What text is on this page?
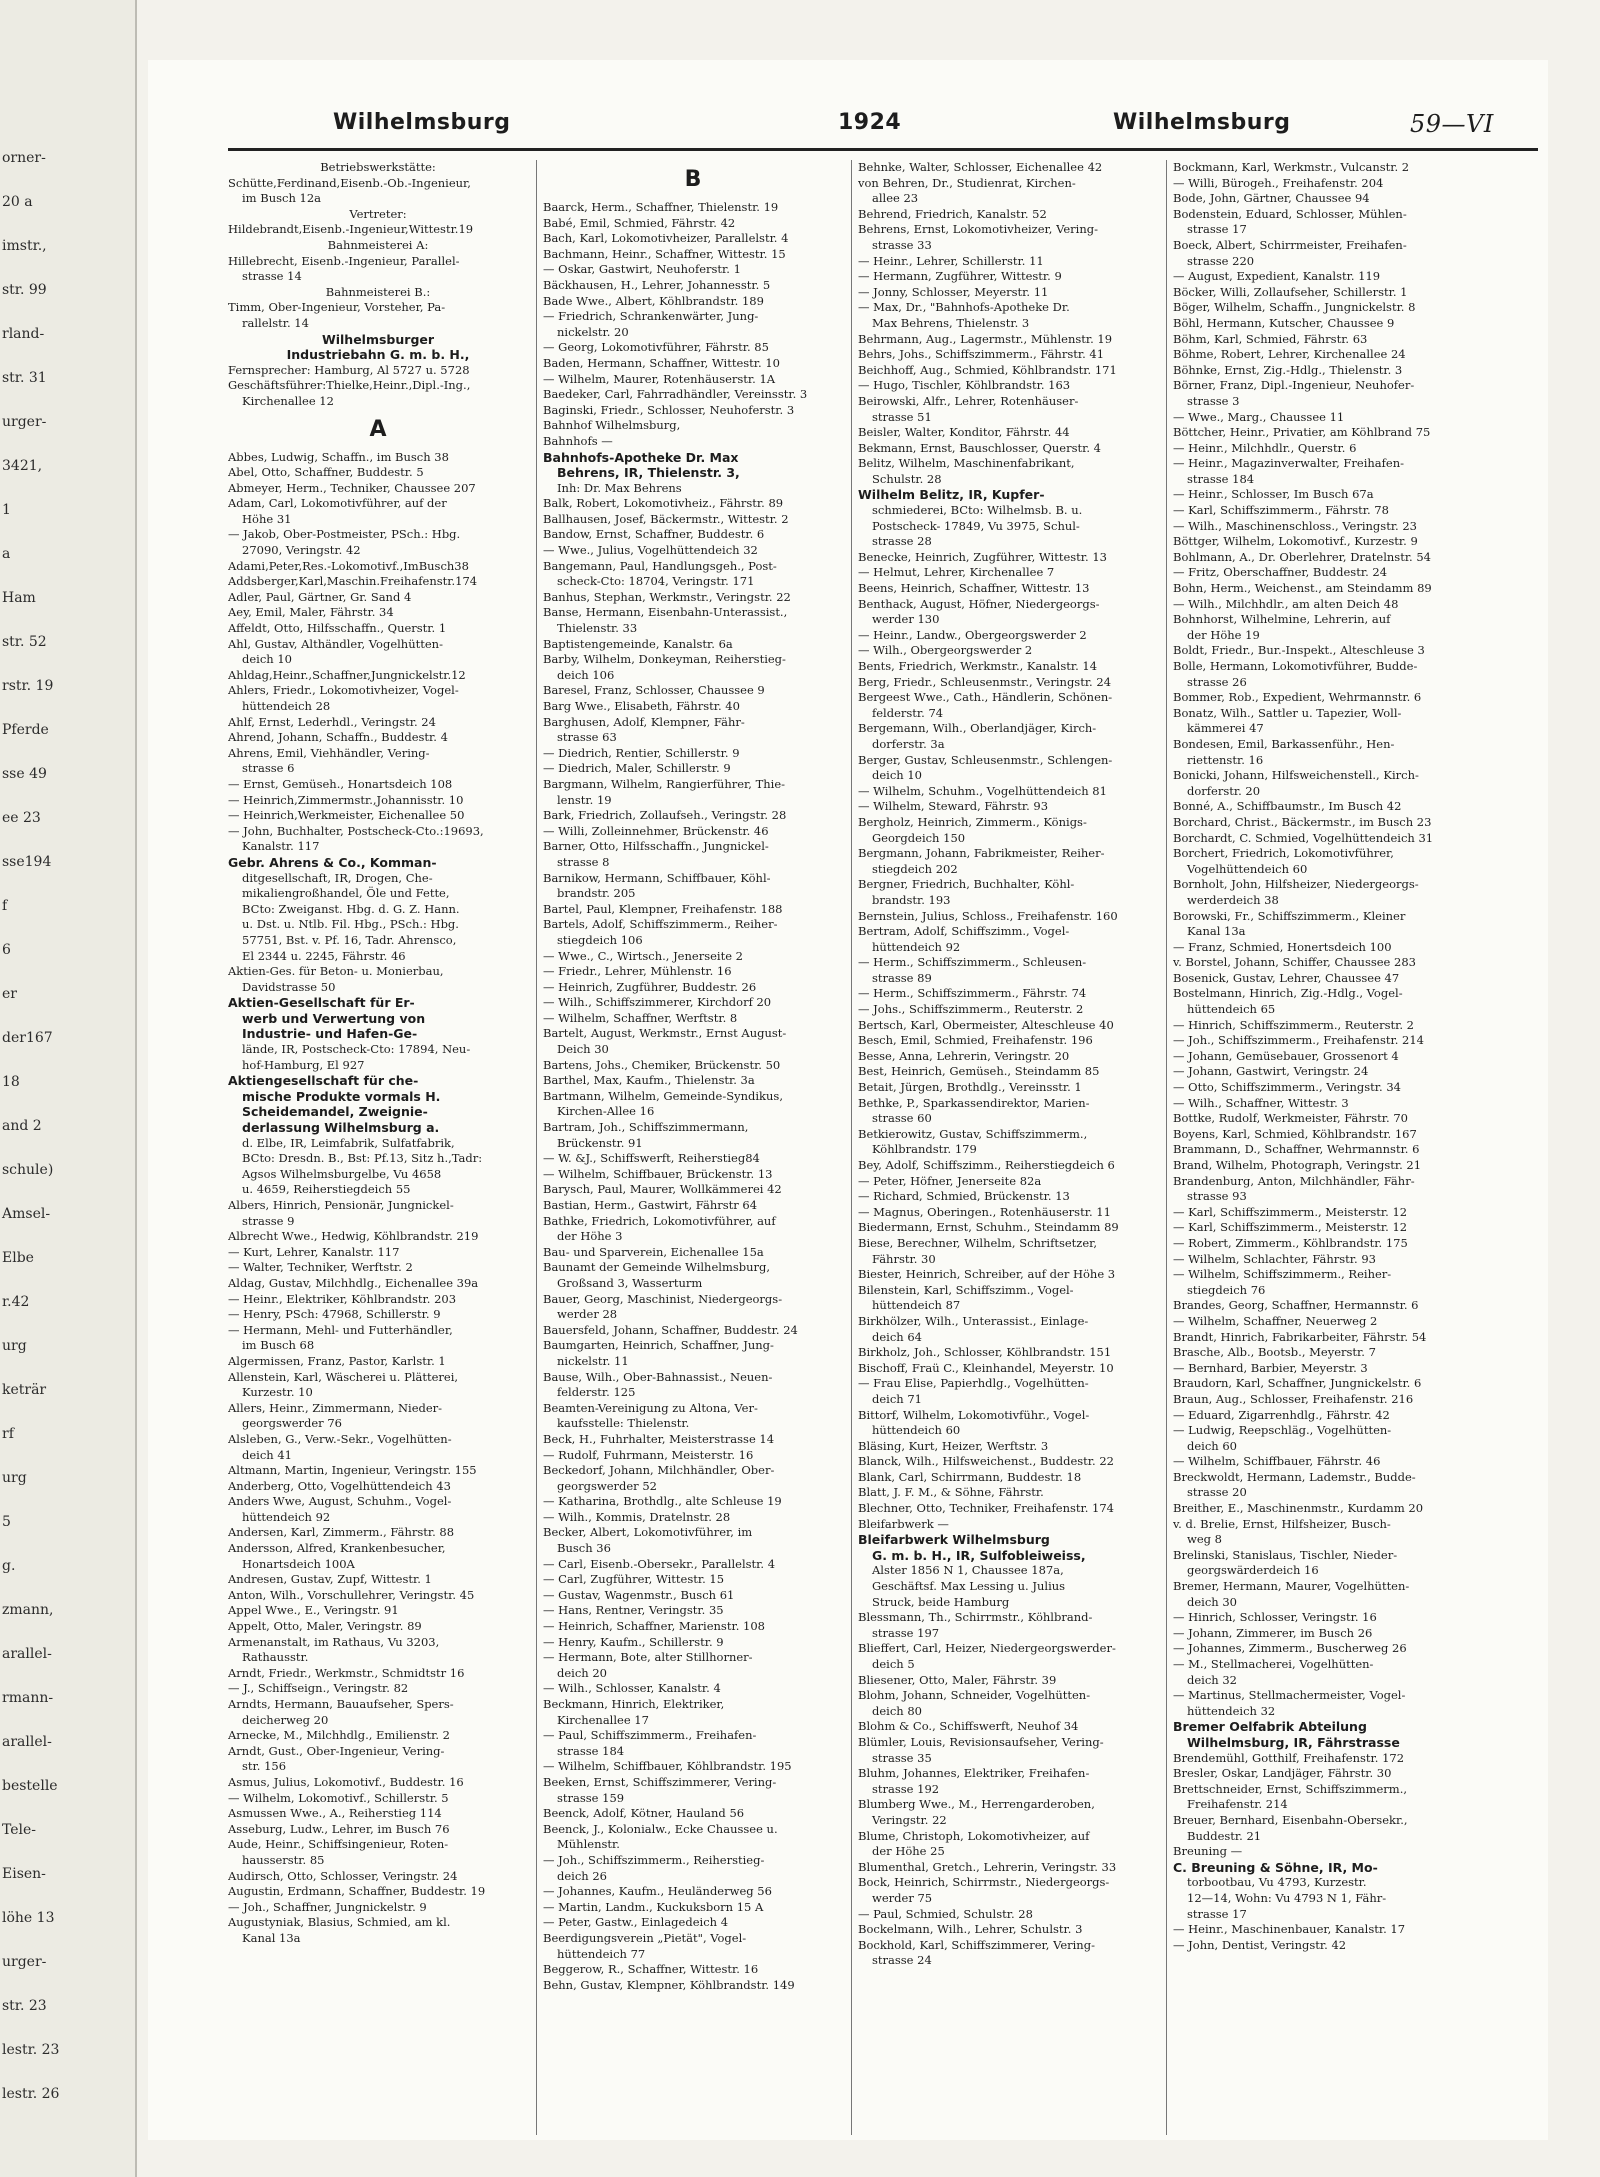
orner-
20 a
imstr.,
str. 99
rland-
str. 31
urger-
3421,
1
a
Ham
str. 52
rstr. 19
Pferde
sse 49
ee 23
sse194
f
6
er
der167
18
and 2
schule)
Amsel-
Elbe
r.42
urg
keträr
rf
urg
5
g.
zmann,
arallel-
rmann-
arallel-
bestelle
Tele-
Eisen-
löhe 13
urger-
str. 23
lestr. 23
lestr. 26
Wilhelmsburg	1924	Wilhelmsburg	59—VI
Betriebswerkstätte:
Schütte,Ferdinand,Eisenb.-Ob.-Ingenieur,
im Busch 12a
Vertreter:
Hildebrandt,Eisenb.-Ingenieur,Wittestr.19
Bahnmeisterei A:
Hillebrecht, Eisenb.-Ingenieur, Parallel-
strasse 14
Bahnmeisterei B.:
Timm, Ober-Ingenieur, Vorsteher, Pa-
rallelstr. 14
Wilhelmsburger
Industriebahn G. m. b. H.,
Fernsprecher: Hamburg, Al 5727 u. 5728
Geschäftsführer:Thielke,Heinr.,Dipl.-Ing.,
Kirchenallee 12
A
Abbes, Ludwig, Schaffn., im Busch 38
Abel, Otto, Schaffner, Buddestr. 5
Abmeyer, Herm., Techniker, Chaussee 207
Adam, Carl, Lokomotivführer, auf der
Höhe 31
— Jakob, Ober-Postmeister, PSch.: Hbg.
27090, Veringstr. 42
Adami,Peter,Res.-Lokomotivf.,ImBusch38
Addsberger,Karl,Maschin.Freihafenstr.174
Adler, Paul, Gärtner, Gr. Sand 4
Aey, Emil, Maler, Fährstr. 34
Affeldt, Otto, Hilfsschaffn., Querstr. 1
Ahl, Gustav, Althändler, Vogelhütten-
deich 10
Ahldag,Heinr.,Schaffner,Jungnickelstr.12
Ahlers, Friedr., Lokomotivheizer, Vogel-
hüttendeich 28
Ahlf, Ernst, Lederhdl., Veringstr. 24
Ahrend, Johann, Schaffn., Buddestr. 4
Ahrens, Emil, Viehhändler, Vering-
strasse 6
— Ernst, Gemüseh., Honartsdeich 108
— Heinrich,Zimmermstr.,Johannisstr. 10
— Heinrich,Werkmeister, Eichenallee 50
— John, Buchhalter, Postscheck-Cto.:19693,
Kanalstr. 117
Gebr. Ahrens & Co., Komman-
ditgesellschaft, IR, Drogen, Che-
mikaliengroßhandel, Öle und Fette,
BCto: Zweiganst. Hbg. d. G. Z. Hann.
u. Dst. u. Ntlb. Fil. Hbg., PSch.: Hbg.
57751, Bst. v. Pf. 16, Tadr. Ahrensco,
El 2344 u. 2245, Fährstr. 46
Aktien-Ges. für Beton- u. Monierbau,
Davidstrasse 50
Aktien-Gesellschaft für Er-
werb und Verwertung von
Industrie- und Hafen-Ge-
lände, IR, Postscheck-Cto: 17894, Neu-
hof-Hamburg, El 927
Aktiengesellschaft für che-
mische Produkte vormals H.
Scheidemandel, Zweignie-
derlassung Wilhelmsburg a.
d. Elbe, IR, Leimfabrik, Sulfatfabrik,
BCto: Dresdn. B., Bst: Pf.13, Sitz h.,Tadr:
Agsos Wilhelmsburgelbe, Vu 4658
u. 4659, Reiherstiegdeich 55
Albers, Hinrich, Pensionär, Jungnickel-
strasse 9
Albrecht Wwe., Hedwig, Köhlbrandstr. 219
— Kurt, Lehrer, Kanalstr. 117
— Walter, Techniker, Werftstr. 2
Aldag, Gustav, Milchhdlg., Eichenallee 39a
— Heinr., Elektriker, Köhlbrandstr. 203
— Henry, PSch: 47968, Schillerstr. 9
— Hermann, Mehl- und Futterhändler,
im Busch 68
Algermissen, Franz, Pastor, Karlstr. 1
Allenstein, Karl, Wäscherei u. Plätterei,
Kurzestr. 10
Allers, Heinr., Zimmermann, Nieder-
georgswerder 76
Alsleben, G., Verw.-Sekr., Vogelhütten-
deich 41
Altmann, Martin, Ingenieur, Veringstr. 155
Anderberg, Otto, Vogelhüttendeich 43
Anders Wwe, August, Schuhm., Vogel-
hüttendeich 92
Andersen, Karl, Zimmerm., Fährstr. 88
Andersson, Alfred, Krankenbesucher,
Honartsdeich 100A
Andresen, Gustav, Zupf, Wittestr. 1
Anton, Wilh., Vorschullehrer, Veringstr. 45
Appel Wwe., E., Veringstr. 91
Appelt, Otto, Maler, Veringstr. 89
Armenanstalt, im Rathaus, Vu 3203,
Rathausstr.
Arndt, Friedr., Werkmstr., Schmidtstr 16
— J., Schiffseign., Veringstr. 82
Arndts, Hermann, Bauaufseher, Spers-
deicherweg 20
Arnecke, M., Milchhdlg., Emilienstr. 2
Arndt, Gust., Ober-Ingenieur, Vering-
str. 156
Asmus, Julius, Lokomotivf., Buddestr. 16
— Wilhelm, Lokomotivf., Schillerstr. 5
Asmussen Wwe., A., Reiherstieg 114
Asseburg, Ludw., Lehrer, im Busch 76
Aude, Heinr., Schiffsingenieur, Roten-
hausserstr. 85
Audirsch, Otto, Schlosser, Veringstr. 24
Augustin, Erdmann, Schaffner, Buddestr. 19
— Joh., Schaffner, Jungnickelstr. 9
Augustyniak, Blasius, Schmied, am kl.
Kanal 13a
B
Baarck, Herm., Schaffner, Thielenstr. 19
Babé, Emil, Schmied, Fährstr. 42
Bach, Karl, Lokomotivheizer, Parallelstr. 4
Bachmann, Heinr., Schaffner, Wittestr. 15
— Oskar, Gastwirt, Neuhoferstr. 1
Bäckhausen, H., Lehrer, Johannesstr. 5
Bade Wwe., Albert, Köhlbrandstr. 189
— Friedrich, Schrankenwärter, Jung-
nickelstr. 20
— Georg, Lokomotivführer, Fährstr. 85
Baden, Hermann, Schaffner, Wittestr. 10
— Wilhelm, Maurer, Rotenhäuserstr. 1A
Baedeker, Carl, Fahrradhändler, Vereinsstr. 3
Baginski, Friedr., Schlosser, Neuhoferstr. 3
Bahnhof Wilhelmsburg,
Bahnhofs —
Bahnhofs-Apotheke Dr. Max
Behrens, IR, Thielenstr. 3,
Inh: Dr. Max Behrens
Balk, Robert, Lokomotivheiz., Fährstr. 89
Ballhausen, Josef, Bäckermstr., Wittestr. 2
Bandow, Ernst, Schaffner, Buddestr. 6
— Wwe., Julius, Vogelhüttendeich 32
Bangemann, Paul, Handlungsgeh., Post-
scheck-Cto: 18704, Veringstr. 171
Banhus, Stephan, Werkmstr., Veringstr. 22
Banse, Hermann, Eisenbahn-Unterassist.,
Thielenstr. 33
Baptistengemeinde, Kanalstr. 6a
Barby, Wilhelm, Donkeyman, Reiherstieg-
deich 106
Baresel, Franz, Schlosser, Chaussee 9
Barg Wwe., Elisabeth, Fährstr. 40
Barghusen, Adolf, Klempner, Fähr-
strasse 63
— Diedrich, Rentier, Schillerstr. 9
— Diedrich, Maler, Schillerstr. 9
Bargmann, Wilhelm, Rangierführer, Thie-
lenstr. 19
Bark, Friedrich, Zollaufseh., Veringstr. 28
— Willi, Zolleinnehmer, Brückenstr. 46
Barner, Otto, Hilfsschaffn., Jungnickel-
strasse 8
Barnikow, Hermann, Schiffbauer, Köhl-
brandstr. 205
Bartel, Paul, Klempner, Freihafenstr. 188
Bartels, Adolf, Schiffszimmerm., Reiher-
stiegdeich 106
— Wwe., C., Wirtsch., Jenerseite 2
— Friedr., Lehrer, Mühlenstr. 16
— Heinrich, Zugführer, Buddestr. 26
— Wilh., Schiffszimmerer, Kirchdorf 20
— Wilhelm, Schaffner, Werftstr. 8
Bartelt, August, Werkmstr., Ernst August-
Deich 30
Bartens, Johs., Chemiker, Brückenstr. 50
Barthel, Max, Kaufm., Thielenstr. 3a
Bartmann, Wilhelm, Gemeinde-Syndikus,
Kirchen-Allee 16
Bartram, Joh., Schiffszimmermann,
Brückenstr. 91
— W. &J., Schiffswerft, Reiherstieg84
— Wilhelm, Schiffbauer, Brückenstr. 13
Barysch, Paul, Maurer, Wollkämmerei 42
Bastian, Herm., Gastwirt, Fährstr 64
Bathke, Friedrich, Lokomotivführer, auf
der Höhe 3
Bau- und Sparverein, Eichenallee 15a
Baunamt der Gemeinde Wilhelmsburg,
Großsand 3, Wasserturm
Bauer, Georg, Maschinist, Niedergeorgs-
werder 28
Bauersfeld, Johann, Schaffner, Buddestr. 24
Baumgarten, Heinrich, Schaffner, Jung-
nickelstr. 11
Bause, Wilh., Ober-Bahnassist., Neuen-
felderstr. 125
Beamten-Vereinigung zu Altona, Ver-
kaufsstelle: Thielenstr.
Beck, H., Fuhrhalter, Meisterstrasse 14
— Rudolf, Fuhrmann, Meisterstr. 16
Beckedorf, Johann, Milchhändler, Ober-
georgswerder 52
— Katharina, Brothdlg., alte Schleuse 19
— Wilh., Kommis, Dratelnstr. 28
Becker, Albert, Lokomotivführer, im
Busch 36
— Carl, Eisenb.-Obersekr., Parallelstr. 4
— Carl, Zugführer, Wittestr. 15
— Gustav, Wagenmstr., Busch 61
— Hans, Rentner, Veringstr. 35
— Heinrich, Schaffner, Marienstr. 108
— Henry, Kaufm., Schillerstr. 9
— Hermann, Bote, alter Stillhorner-
deich 20
— Wilh., Schlosser, Kanalstr. 4
Beckmann, Hinrich, Elektriker,
Kirchenallee 17
— Paul, Schiffszimmerm., Freihafen-
strasse 184
— Wilhelm, Schiffbauer, Köhlbrandstr. 195
Beeken, Ernst, Schiffszimmerer, Vering-
strasse 159
Beenck, Adolf, Kötner, Hauland 56
Beenck, J., Kolonialw., Ecke Chaussee u.
Mühlenstr.
— Joh., Schiffszimmerm., Reiherstieg-
deich 26
— Johannes, Kaufm., Heuländerweg 56
— Martin, Landm., Kuckuksborn 15 A
— Peter, Gastw., Einlagedeich 4
Beerdigungsverein „Pietät", Vogel-
hüttendeich 77
Beggerow, R., Schaffner, Wittestr. 16
Behn, Gustav, Klempner, Köhlbrandstr. 149
Behnke, Walter, Schlosser, Eichenallee 42
von Behren, Dr., Studienrat, Kirchen-
allee 23
Behrend, Friedrich, Kanalstr. 52
Behrens, Ernst, Lokomotivheizer, Vering-
strasse 33
— Heinr., Lehrer, Schillerstr. 11
— Hermann, Zugführer, Wittestr. 9
— Jonny, Schlosser, Meyerstr. 11
— Max, Dr., "Bahnhofs-Apotheke Dr.
Max Behrens, Thielenstr. 3
Behrmann, Aug., Lagermstr., Mühlenstr. 19
Behrs, Johs., Schiffszimmerm., Fährstr. 41
Beichhoff, Aug., Schmied, Köhlbrandstr. 171
— Hugo, Tischler, Köhlbrandstr. 163
Beirowski, Alfr., Lehrer, Rotenhäuser-
strasse 51
Beisler, Walter, Konditor, Fährstr. 44
Bekmann, Ernst, Bauschlosser, Querstr. 4
Belitz, Wilhelm, Maschinenfabrikant,
Schulstr. 28
Wilhelm Belitz, IR, Kupfer-
schmiederei, BCto: Wilhelmsb. B. u.
Postscheck- 17849, Vu 3975, Schul-
strasse 28
Benecke, Heinrich, Zugführer, Wittestr. 13
— Helmut, Lehrer, Kirchenallee 7
Beens, Heinrich, Schaffner, Wittestr. 13
Benthack, August, Höfner, Niedergeorgs-
werder 130
— Heinr., Landw., Obergeorgswerder 2
— Wilh., Obergeorgswerder 2
Bents, Friedrich, Werkmstr., Kanalstr. 14
Berg, Friedr., Schleusenmstr., Veringstr. 24
Bergeest Wwe., Cath., Händlerin, Schönen-
felderstr. 74
Bergemann, Wilh., Oberlandjäger, Kirch-
dorferstr. 3a
Berger, Gustav, Schleusenmstr., Schlengen-
deich 10
— Wilhelm, Schuhm., Vogelhüttendeich 81
— Wilhelm, Steward, Fährstr. 93
Bergholz, Heinrich, Zimmerm., Königs-
Georgdeich 150
Bergmann, Johann, Fabrikmeister, Reiher-
stiegdeich 202
Bergner, Friedrich, Buchhalter, Köhl-
brandstr. 193
Bernstein, Julius, Schloss., Freihafenstr. 160
Bertram, Adolf, Schiffszimm., Vogel-
hüttendeich 92
— Herm., Schiffszimmerm., Schleusen-
strasse 89
— Herm., Schiffszimmerm., Fährstr. 74
— Johs., Schiffszimmerm., Reuterstr. 2
Bertsch, Karl, Obermeister, Alteschleuse 40
Besch, Emil, Schmied, Freihafenstr. 196
Besse, Anna, Lehrerin, Veringstr. 20
Best, Heinrich, Gemüseh., Steindamm 85
Betait, Jürgen, Brothdlg., Vereinsstr. 1
Bethke, P., Sparkassendirektor, Marien-
strasse 60
Betkierowitz, Gustav, Schiffszimmerm.,
Köhlbrandstr. 179
Bey, Adolf, Schiffszimm., Reiherstiegdeich 6
— Peter, Höfner, Jenerseite 82a
— Richard, Schmied, Brückenstr. 13
— Magnus, Oberingen., Rotenhäuserstr. 11
Biedermann, Ernst, Schuhm., Steindamm 89
Biese, Berechner, Wilhelm, Schriftsetzer,
Fährstr. 30
Biester, Heinrich, Schreiber, auf der Höhe 3
Bilenstein, Karl, Schiffszimm., Vogel-
hüttendeich 87
Birkhölzer, Wilh., Unterassist., Einlage-
deich 64
Birkholz, Joh., Schlosser, Köhlbrandstr. 151
Bischoff, Fraü C., Kleinhandel, Meyerstr. 10
— Frau Elise, Papierhdlg., Vogelhütten-
deich 71
Bittorf, Wilhelm, Lokomotivführ., Vogel-
hüttendeich 60
Bläsing, Kurt, Heizer, Werftstr. 3
Blanck, Wilh., Hilfsweichenst., Buddestr. 22
Blank, Carl, Schirrmann, Buddestr. 18
Blatt, J. F. M., & Söhne, Fährstr.
Blechner, Otto, Techniker, Freihafenstr. 174
Bleifarbwerk —
Bleifarbwerk Wilhelmsburg
G. m. b. H., IR, Sulfobleiweiss,
Alster 1856 N 1, Chaussee 187a,
Geschäftsf. Max Lessing u. Julius
Struck, beide Hamburg
Blessmann, Th., Schirrmstr., Köhlbrand-
strasse 197
Blieffert, Carl, Heizer, Niedergeorgswerder-
deich 5
Bliesener, Otto, Maler, Fährstr. 39
Blohm, Johann, Schneider, Vogelhütten-
deich 80
Blohm & Co., Schiffswerft, Neuhof 34
Blümler, Louis, Revisionsaufseher, Vering-
strasse 35
Bluhm, Johannes, Elektriker, Freihafen-
strasse 192
Blumberg Wwe., M., Herrengarderoben,
Veringstr. 22
Blume, Christoph, Lokomotivheizer, auf
der Höhe 25
Blumenthal, Gretch., Lehrerin, Veringstr. 33
Bock, Heinrich, Schirrmstr., Niedergeorgs-
werder 75
— Paul, Schmied, Schulstr. 28
Bockelmann, Wilh., Lehrer, Schulstr. 3
Bockhold, Karl, Schiffszimmerer, Vering-
strasse 24
Bockmann, Karl, Werkmstr., Vulcanstr. 2
— Willi, Bürogeh., Freihafenstr. 204
Bode, John, Gärtner, Chaussee 94
Bodenstein, Eduard, Schlosser, Mühlen-
strasse 17
Boeck, Albert, Schirrmeister, Freihafen-
strasse 220
— August, Expedient, Kanalstr. 119
Böcker, Willi, Zollaufseher, Schillerstr. 1
Böger, Wilhelm, Schaffn., Jungnickelstr. 8
Böhl, Hermann, Kutscher, Chaussee 9
Böhm, Karl, Schmied, Fährstr. 63
Böhme, Robert, Lehrer, Kirchenallee 24
Böhnke, Ernst, Zig.-Hdlg., Thielenstr. 3
Börner, Franz, Dipl.-Ingenieur, Neuhofer-
strasse 3
— Wwe., Marg., Chaussee 11
Böttcher, Heinr., Privatier, am Köhlbrand 75
— Heinr., Milchhdlr., Querstr. 6
— Heinr., Magazinverwalter, Freihafen-
strasse 184
— Heinr., Schlosser, Im Busch 67a
— Karl, Schiffszimmerm., Fährstr. 78
— Wilh., Maschinenschloss., Veringstr. 23
Böttger, Wilhelm, Lokomotivf., Kurzestr. 9
Bohlmann, A., Dr. Oberlehrer, Dratelnstr. 54
— Fritz, Oberschaffner, Buddestr. 24
Bohn, Herm., Weichenst., am Steindamm 89
— Wilh., Milchhdlr., am alten Deich 48
Bohnhorst, Wilhelmine, Lehrerin, auf
der Höhe 19
Boldt, Friedr., Bur.-Inspekt., Alteschleuse 3
Bolle, Hermann, Lokomotivführer, Budde-
strasse 26
Bommer, Rob., Expedient, Wehrmannstr. 6
Bonatz, Wilh., Sattler u. Tapezier, Woll-
kämmerei 47
Bondesen, Emil, Barkassenführ., Hen-
riettenstr. 16
Bonicki, Johann, Hilfsweichenstell., Kirch-
dorferstr. 20
Bonné, A., Schiffbaumstr., Im Busch 42
Borchard, Christ., Bäckermstr., im Busch 23
Borchardt, C. Schmied, Vogelhüttendeich 31
Borchert, Friedrich, Lokomotivführer,
Vogelhüttendeich 60
Bornholt, John, Hilfsheizer, Niedergeorgs-
werderdeich 38
Borowski, Fr., Schiffszimmerm., Kleiner
Kanal 13a
— Franz, Schmied, Honertsdeich 100
v. Borstel, Johann, Schiffer, Chaussee 283
Bosenick, Gustav, Lehrer, Chaussee 47
Bostelmann, Hinrich, Zig.-Hdlg., Vogel-
hüttendeich 65
— Hinrich, Schiffszimmerm., Reuterstr. 2
— Joh., Schiffszimmerm., Freihafenstr. 214
— Johann, Gemüsebauer, Grossenort 4
— Johann, Gastwirt, Veringstr. 24
— Otto, Schiffszimmerm., Veringstr. 34
— Wilh., Schaffner, Wittestr. 3
Bottke, Rudolf, Werkmeister, Fährstr. 70
Boyens, Karl, Schmied, Köhlbrandstr. 167
Brammann, D., Schaffner, Wehrmannstr. 6
Brand, Wilhelm, Photograph, Veringstr. 21
Brandenburg, Anton, Milchhändler, Fähr-
strasse 93
— Karl, Schiffszimmerm., Meisterstr. 12
— Karl, Schiffszimmerm., Meisterstr. 12
— Robert, Zimmerm., Köhlbrandstr. 175
— Wilhelm, Schlachter, Fährstr. 93
— Wilhelm, Schiffszimmerm., Reiher-
stiegdeich 76
Brandes, Georg, Schaffner, Hermannstr. 6
— Wilhelm, Schaffner, Neuerweg 2
Brandt, Hinrich, Fabrikarbeiter, Fährstr. 54
Brasche, Alb., Bootsb., Meyerstr. 7
— Bernhard, Barbier, Meyerstr. 3
Braudorn, Karl, Schaffner, Jungnickelstr. 6
Braun, Aug., Schlosser, Freihafenstr. 216
— Eduard, Zigarrenhdlg., Fährstr. 42
— Ludwig, Reepschläg., Vogelhütten-
deich 60
— Wilhelm, Schiffbauer, Fährstr. 46
Breckwoldt, Hermann, Lademstr., Budde-
strasse 20
Breither, E., Maschinenmstr., Kurdamm 20
v. d. Brelie, Ernst, Hilfsheizer, Busch-
weg 8
Brelinski, Stanislaus, Tischler, Nieder-
georgswärderdeich 16
Bremer, Hermann, Maurer, Vogelhütten-
deich 30
— Hinrich, Schlosser, Veringstr. 16
— Johann, Zimmerer, im Busch 26
— Johannes, Zimmerm., Buscherweg 26
— M., Stellmacherei, Vogelhütten-
deich 32
— Martinus, Stellmachermeister, Vogel-
hüttendeich 32
Bremer Oelfabrik Abteilung
Wilhelmsburg, IR, Fährstrasse
Brendemühl, Gotthilf, Freihafenstr. 172
Bresler, Oskar, Landjäger, Fährstr. 30
Brettschneider, Ernst, Schiffszimmerm.,
Freihafenstr. 214
Breuer, Bernhard, Eisenbahn-Obersekr.,
Buddestr. 21
Breuning —
C. Breuning & Söhne, IR, Mo-
torbootbau, Vu 4793, Kurzestr.
12—14, Wohn: Vu 4793 N 1, Fähr-
strasse 17
— Heinr., Maschinenbauer, Kanalstr. 17
— John, Dentist, Veringstr. 42
